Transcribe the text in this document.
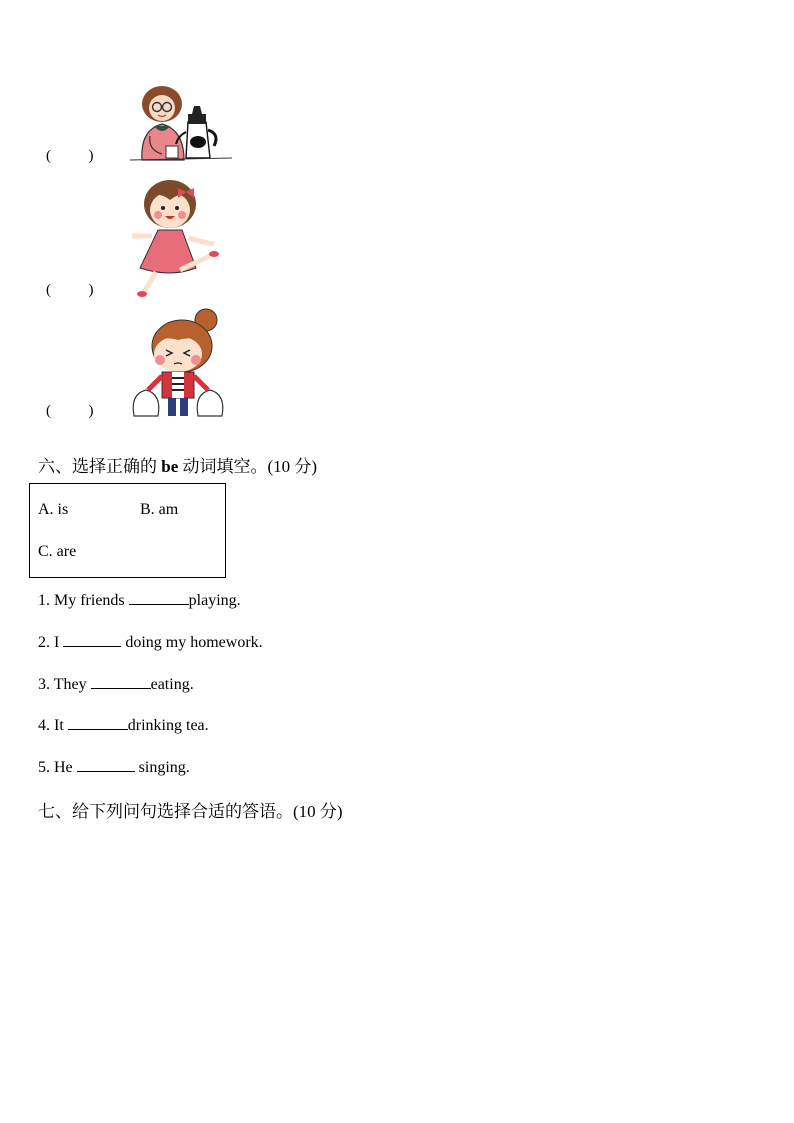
(          )
(          )
(          )
六、选择正确的 be 动词填空。(10 分)
A. is	B. am
C. are
1. My friends	playing.
2. I	doing my homework.
3. They	eating.
4. It	drinking tea.
5. He	singing.
七、给下列问句选择合适的答语。(10 分)
